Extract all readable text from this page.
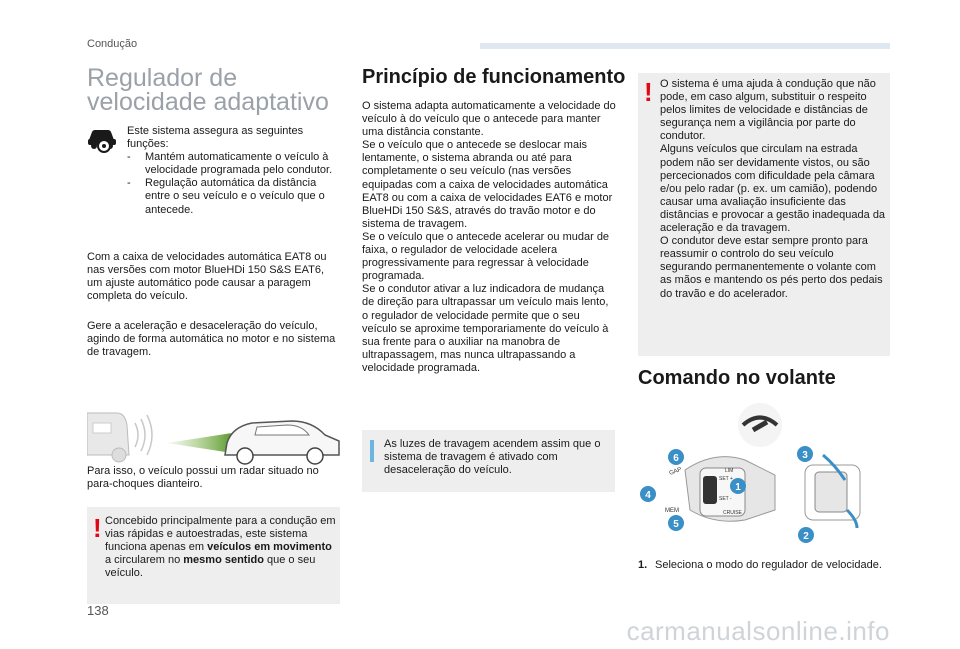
Condução
Regulador de velocidade adaptativo
Este sistema assegura as seguintes funções:
- Mantém automaticamente o veículo à velocidade programada pelo condutor.
- Regulação automática da distância entre o seu veículo e o veículo que o antecede.
Com a caixa de velocidades automática EAT8 ou nas versões com motor BlueHDi 150 S&S EAT6, um ajuste automático pode causar a paragem completa do veículo.
Gere a aceleração e desaceleração do veículo, agindo de forma automática no motor e no sistema de travagem.
Para isso, o veículo possui um radar situado no para-choques dianteiro.
! Concebido principalmente para a condução em vias rápidas e autoestradas, este sistema funciona apenas em veículos em movimento a circularem no mesmo sentido que o seu veículo.
Princípio de funcionamento
O sistema adapta automaticamente a velocidade do veículo à do veículo que o antecede para manter uma distância constante.
Se o veículo que o antecede se deslocar mais lentamente, o sistema abranda ou até para completamente o seu veículo (nas versões equipadas com a caixa de velocidades automática EAT8 ou com a caixa de velocidades EAT6 e motor BlueHDi 150 S&S, através do travão motor e do sistema de travagem.
Se o veículo que o antecede acelerar ou mudar de faixa, o regulador de velocidade acelera progressivamente para regressar à velocidade programada.
Se o condutor ativar a luz indicadora de mudança de direção para ultrapassar um veículo mais lento, o regulador de velocidade permite que o seu veículo se aproxime temporariamente do veículo à sua frente para o auxiliar na manobra de ultrapassagem, mas nunca ultrapassando a velocidade programada.
As luzes de travagem acendem assim que o sistema de travagem é ativado com desaceleração do veículo.
! O sistema é uma ajuda à condução que não pode, em caso algum, substituir o respeito pelos limites de velocidade e distâncias de segurança nem a vigilância por parte do condutor.
Alguns veículos que circulam na estrada podem não ser devidamente vistos, ou são percecionados com dificuldade pela câmara e/ou pelo radar (p. ex. um camião), podendo causar uma avaliação insuficiente das distâncias e provocar a gestão inadequada da aceleração e da travagem.
O condutor deve estar sempre pronto para reassumir o controlo do seu veículo segurando permanentemente o volante com as mãos e mantendo os pés perto dos pedais do travão e do acelerador.
Comando no volante
SET +
SET -
LIM
CRUISE
GAP
MEM
6
4
5
1
3
2
1. Seleciona o modo do regulador de velocidade.
138
carmanualsonline.info
